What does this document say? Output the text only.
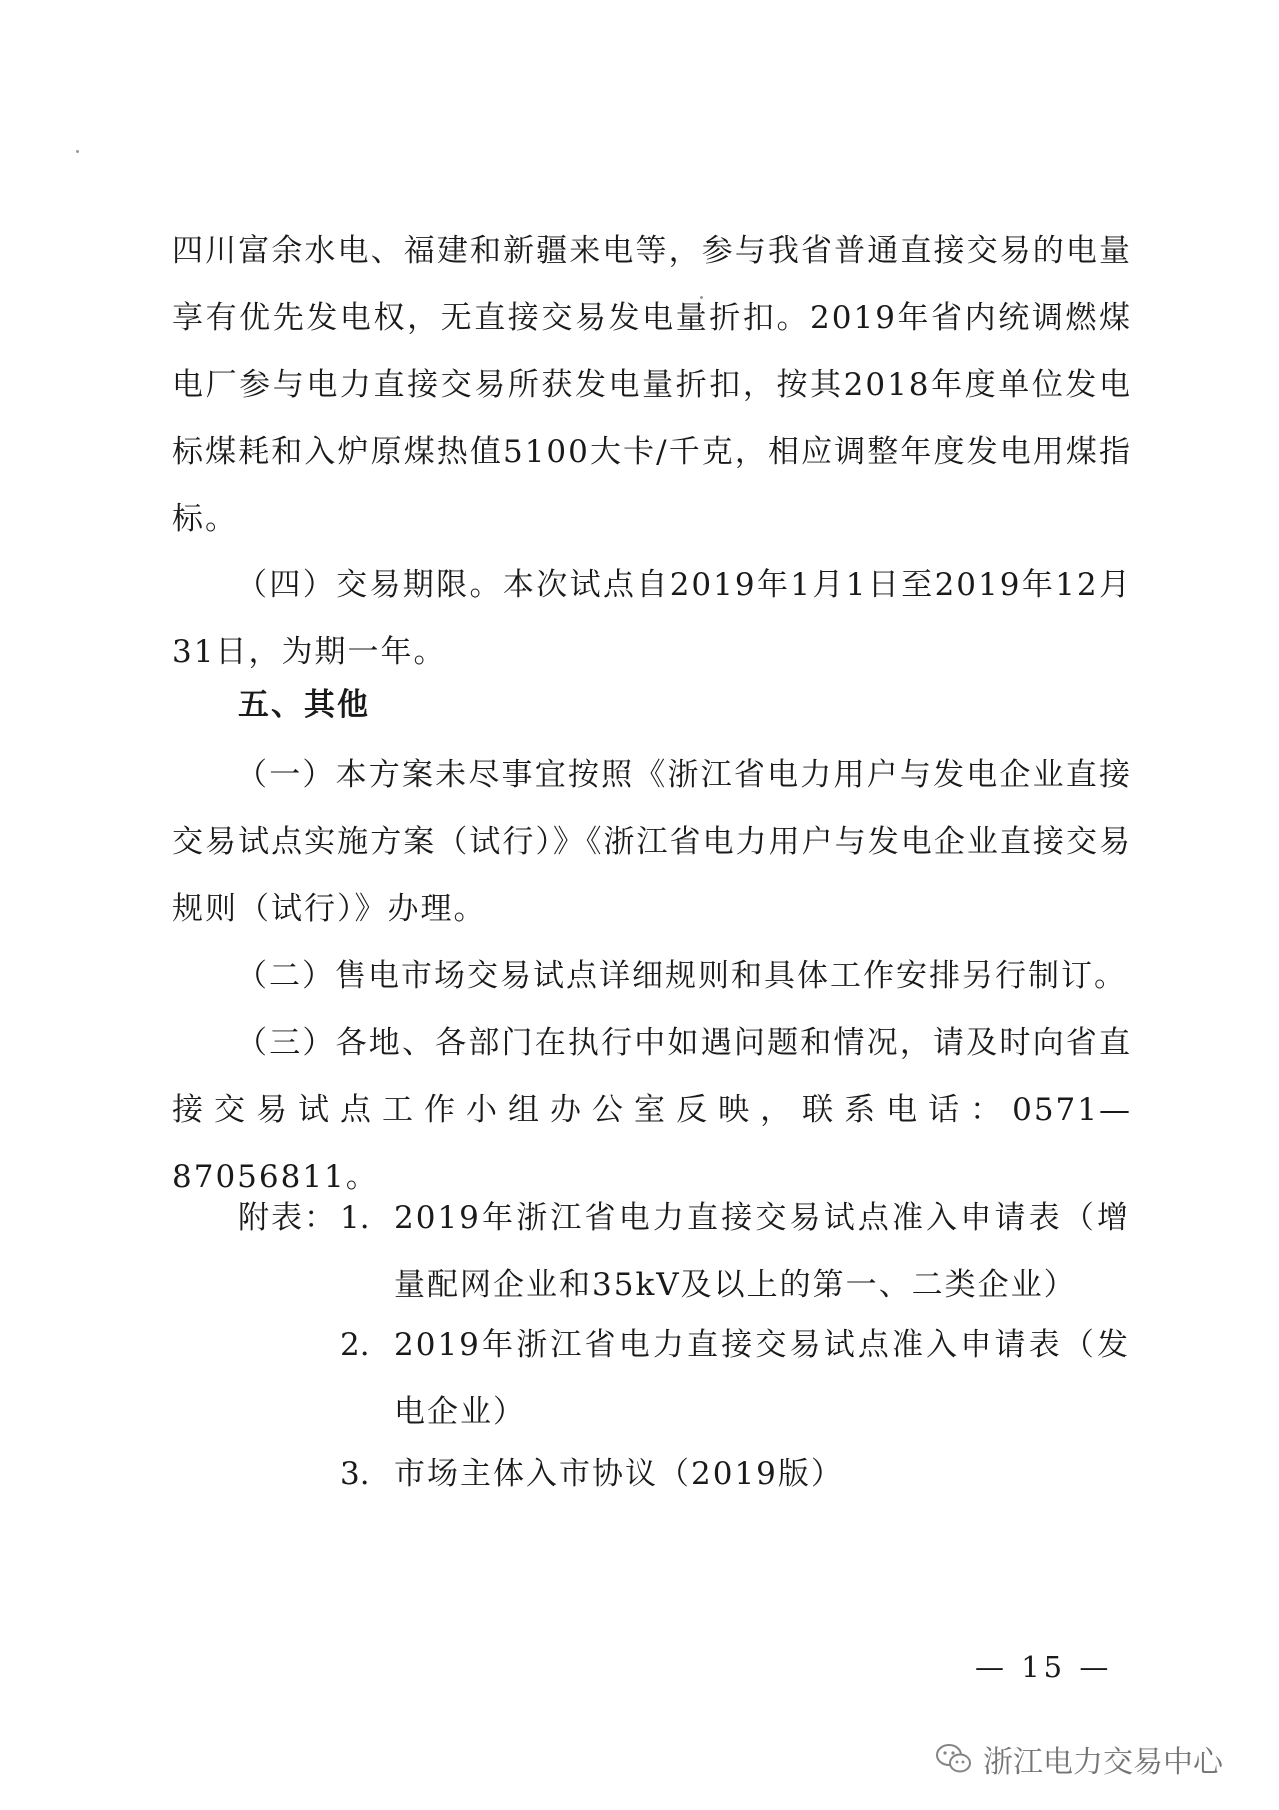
四川富余水电、福建和新疆来电等，参与我省普通直接交易的电量享有优先发电权，无直接交易发电量折扣。2019年省内统调燃煤电厂参与电力直接交易所获发电量折扣，按其2018年度单位发电标煤耗和入炉原煤热值5100大卡/千克，相应调整年度发电用煤指标。
（四）交易期限。本次试点自2019年1月1日至2019年12月31日，为期一年。
五、其他
（一）本方案未尽事宜按照《浙江省电力用户与发电企业直接交易试点实施方案（试行）》《浙江省电力用户与发电企业直接交易规则（试行）》办理。
（二）售电市场交易试点详细规则和具体工作安排另行制订。
（三）各地、各部门在执行中如遇问题和情况，请及时向省直接交易试点工作小组办公室反映，联系电话：0571—87056811。
附表： 1. 2019年浙江省电力直接交易试点准入申请表（增量配网企业和35kV及以上的第一、二类企业）
2. 2019年浙江省电力直接交易试点准入申请表（发电企业）
3. 市场主体入市协议（2019版）
— 15 —
浙江电力交易中心
